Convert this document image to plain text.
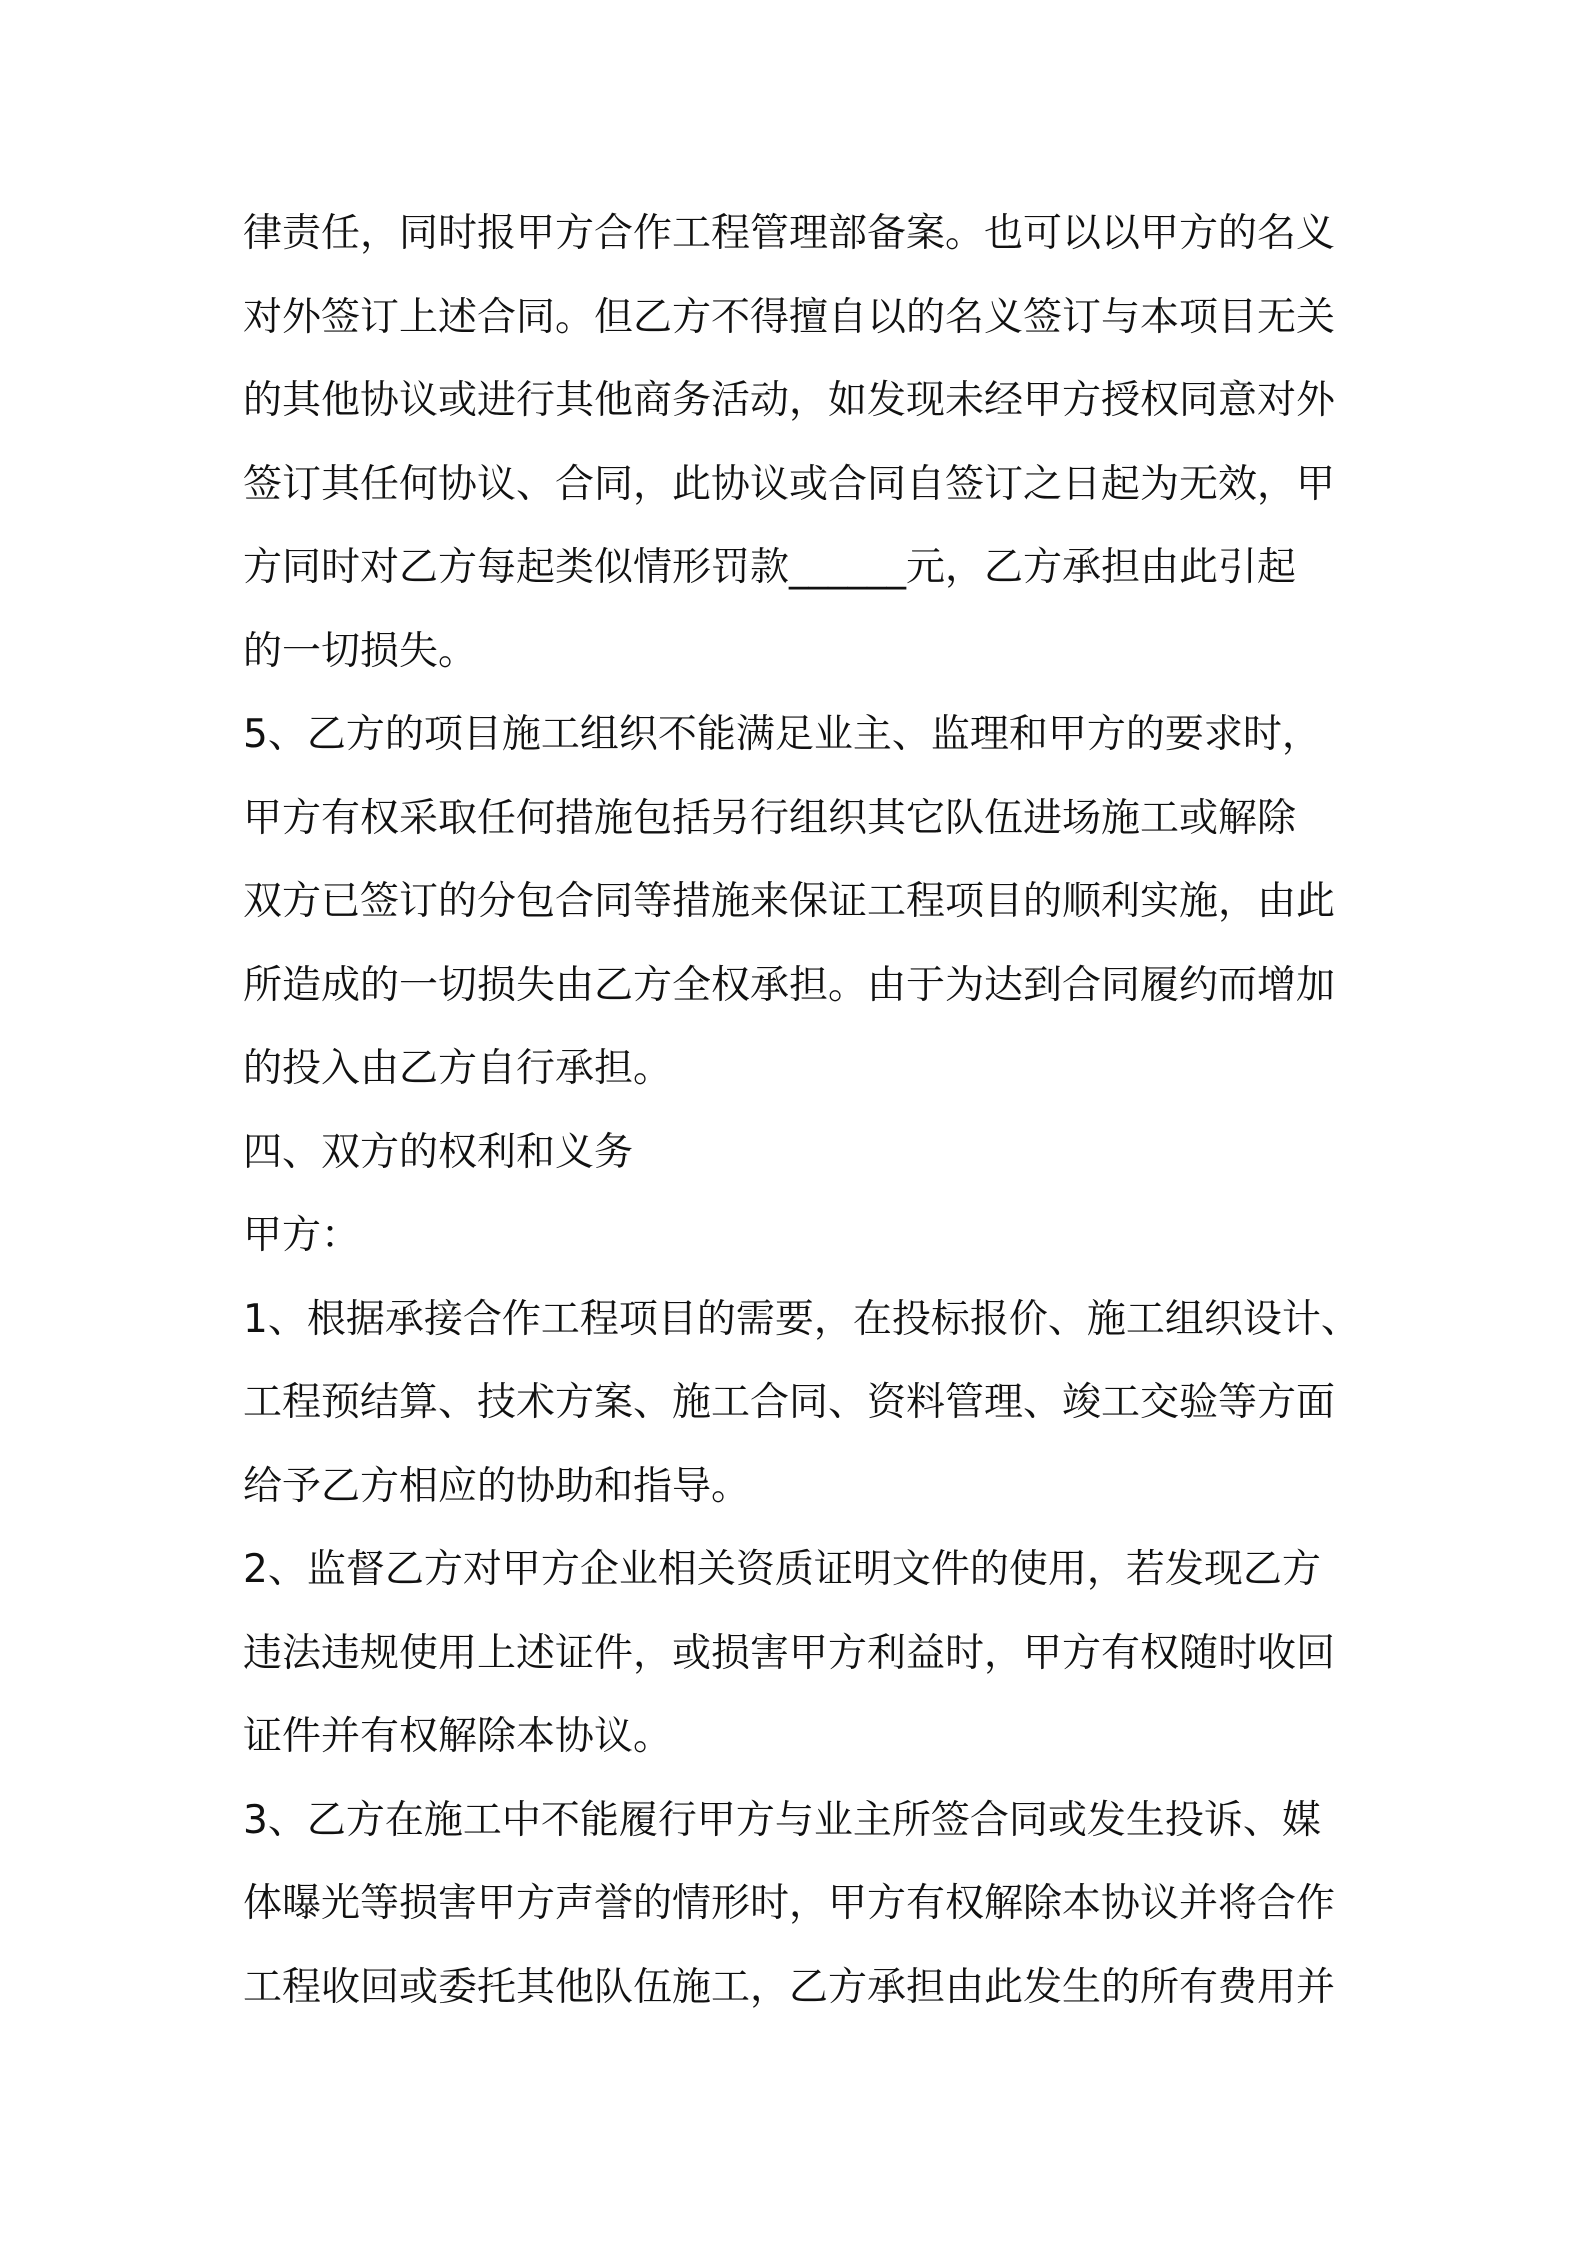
律责任，同时报甲方合作工程管理部备案。也可以以甲方的名义
对外签订上述合同。但乙方不得擅自以的名义签订与本项目无关
的其他协议或进行其他商务活动，如发现未经甲方授权同意对外
签订其任何协议、合同，此协议或合同自签订之日起为无效，甲
方同时对乙方每起类似情形罚款______元，乙方承担由此引起
的一切损失。
5、乙方的项目施工组织不能满足业主、监理和甲方的要求时，
甲方有权采取任何措施包括另行组织其它队伍进场施工或解除
双方已签订的分包合同等措施来保证工程项目的顺利实施，由此
所造成的一切损失由乙方全权承担。由于为达到合同履约而增加
的投入由乙方自行承担。
四、双方的权利和义务
甲方：
1、根据承接合作工程项目的需要，在投标报价、施工组织设计、
工程预结算、技术方案、施工合同、资料管理、竣工交验等方面
给予乙方相应的协助和指导。
2、监督乙方对甲方企业相关资质证明文件的使用，若发现乙方
违法违规使用上述证件，或损害甲方利益时，甲方有权随时收回
证件并有权解除本协议。
3、乙方在施工中不能履行甲方与业主所签合同或发生投诉、媒
体曝光等损害甲方声誉的情形时，甲方有权解除本协议并将合作
工程收回或委托其他队伍施工，乙方承担由此发生的所有费用并
